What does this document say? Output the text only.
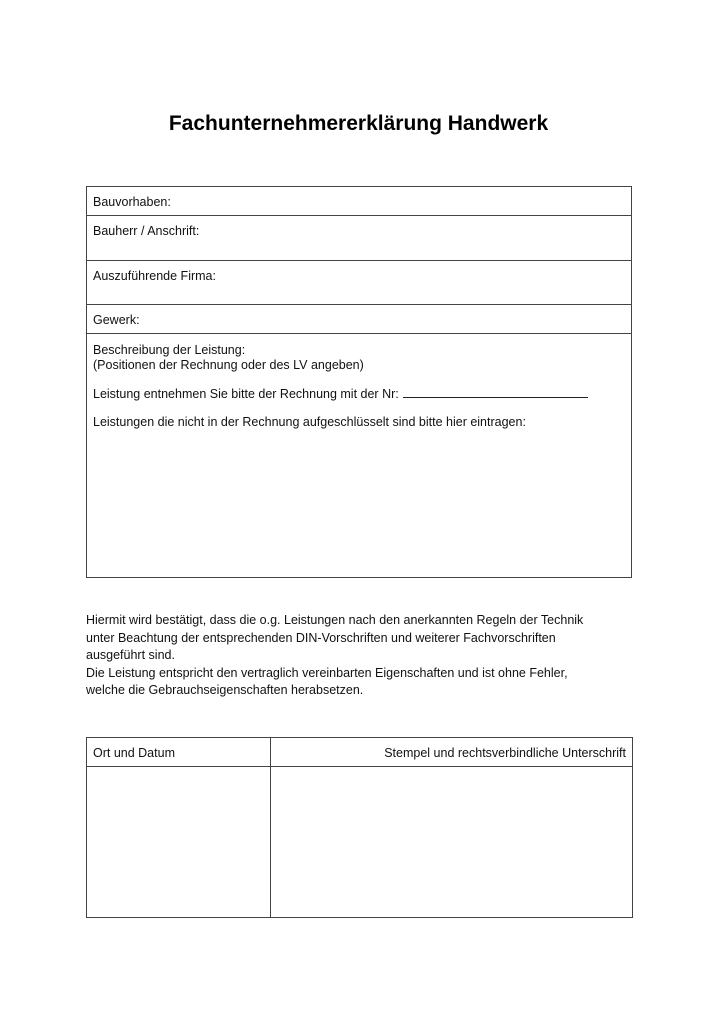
Fachunternehmererklärung Handwerk
Bauvorhaben:
Bauherr / Anschrift:
Auszuführende Firma:
Gewerk:
Beschreibung der Leistung:
(Positionen der Rechnung oder des LV angeben)
Leistung entnehmen Sie bitte der Rechnung mit der Nr:
Leistungen die nicht in der Rechnung aufgeschlüsselt sind bitte hier eintragen:
Hiermit wird bestätigt, dass die o.g. Leistungen nach den anerkannten Regeln der Technik
unter Beachtung der entsprechenden DIN-Vorschriften und weiterer Fachvorschriften
ausgeführt sind.
Die Leistung entspricht den vertraglich vereinbarten Eigenschaften und ist ohne Fehler,
welche die Gebrauchseigenschaften herabsetzen.
Ort und Datum	Stempel und rechtsverbindliche Unterschrift
